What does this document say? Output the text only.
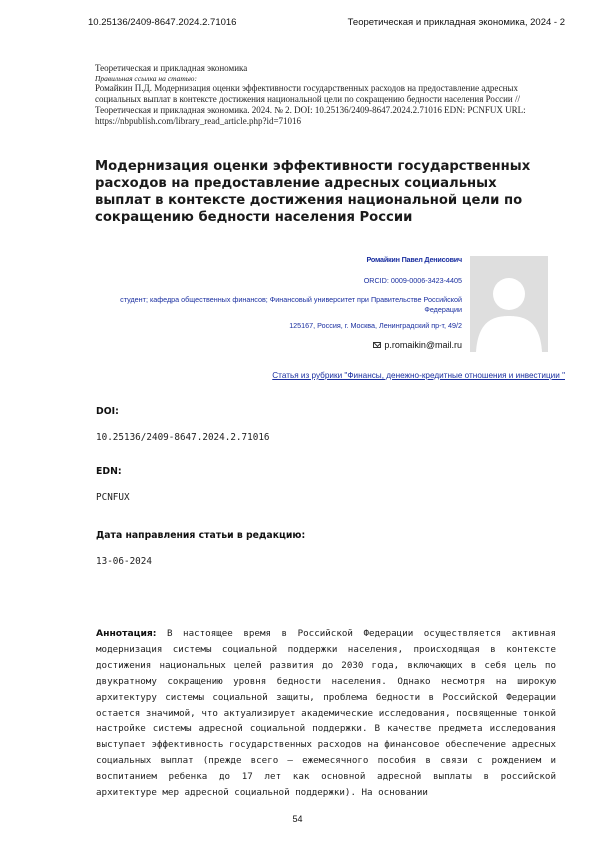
10.25136/2409-8647.2024.2.71016	Теоретическая и прикладная экономика, 2024 - 2
Теоретическая и прикладная экономика
Правильная ссылка на статью:
Ромайкин П.Д. Модернизация оценки эффективности государственных расходов на предоставление адресных социальных выплат в контексте достижения национальной цели по сокращению бедности населения России // Теоретическая и прикладная экономика. 2024. № 2. DOI: 10.25136/2409-8647.2024.2.71016 EDN: PCNFUX URL: https://nbpublish.com/library_read_article.php?id=71016
Модернизация оценки эффективности государственных расходов на предоставление адресных социальных выплат в контексте достижения национальной цели по сокращению бедности населения России
Ромайкин Павел Денисович
ORCID: 0009-0006-3423-4405
студент; кафедра общественных финансов; Финансовый университет при Правительстве Российской Федерации
125167, Россия, г. Москва, Ленинградский пр-т, 49/2
p.romaikin@mail.ru
Статья из рубрики "Финансы, денежно-кредитные отношения и инвестиции "
DOI:
10.25136/2409-8647.2024.2.71016
EDN:
PCNFUX
Дата направления статьи в редакцию:
13-06-2024

Аннотация: В настоящее время в Российской Федерации осуществляется активная модернизация системы социальной поддержки населения, происходящая в контексте достижения национальных целей развития до 2030 года, включающих в себя цель по двукратному сокращению уровня бедности населения. Однако несмотря на широкую архитектуру системы социальной защиты, проблема бедности в Российской Федерации остается значимой, что актуализирует академические исследования, посвященные тонкой настройке системы адресной социальной поддержки. В качестве предмета исследования выступает эффективность государственных расходов на финансовое обеспечение адресных социальных выплат (прежде всего – ежемесячного пособия в связи с рождением и воспитанием ребенка до 17 лет как основной адресной выплаты в российской архитектуре мер адресной социальной поддержки). На основании

54
